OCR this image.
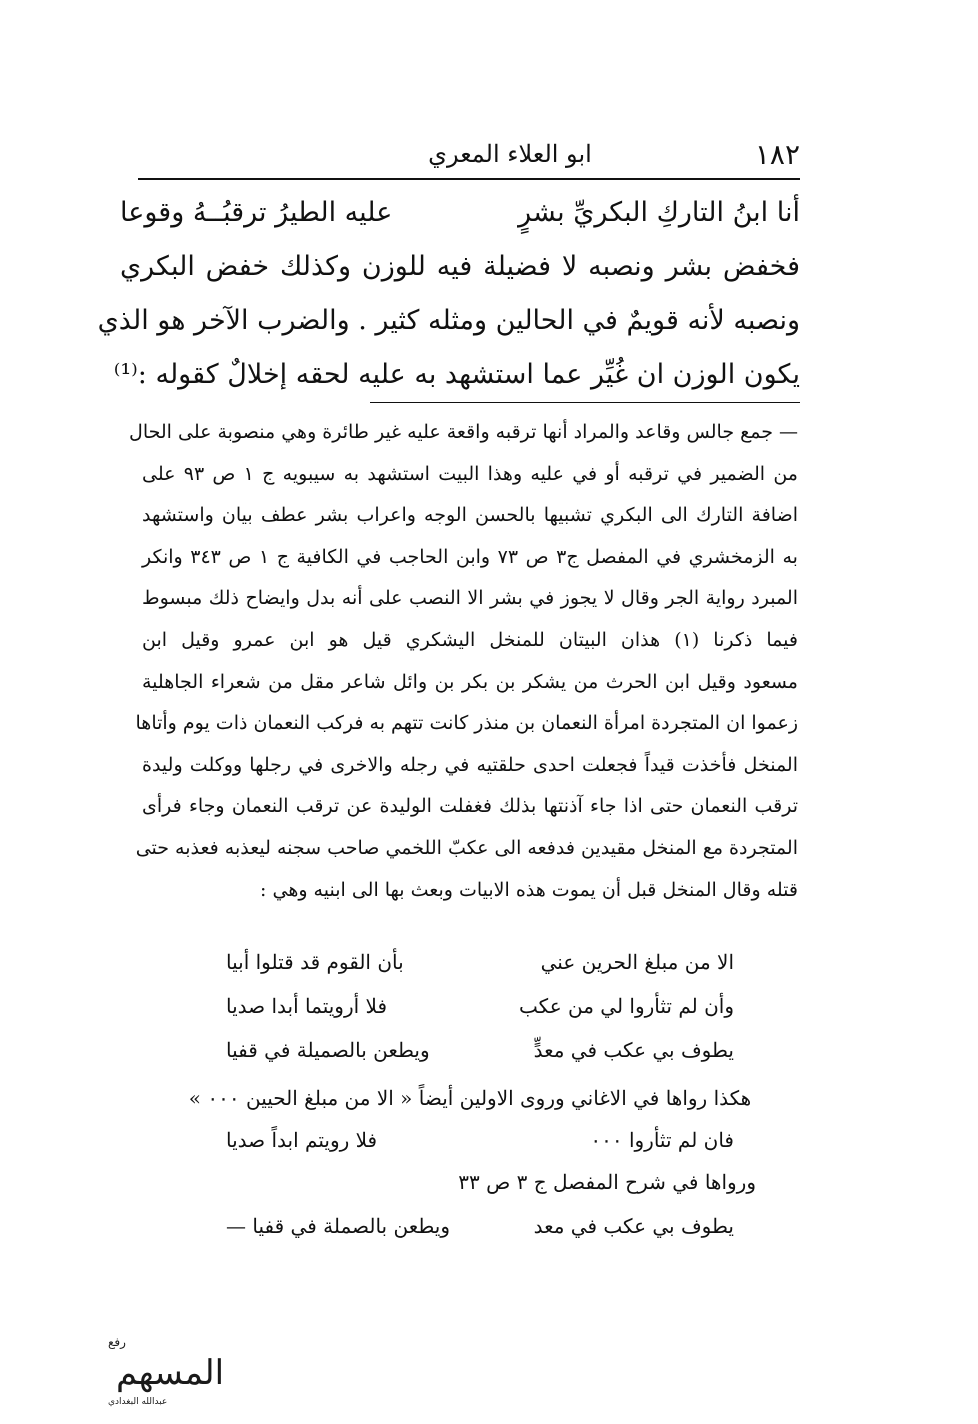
١٨٢
ابو العلاء المعري
أنا ابنُ التاركِ البكريِّ بشرٍ
عليه الطيرُ ترقبُــهُ وقوعا
فخفض بشر ونصبه لا فضيلة فيه للوزن وكذلك خفض البكري
ونصبه لأنه قويمٌ في الحالين ومثله كثير . والضرب الآخر هو الذي
يكون الوزن ان غُيِّر عما استشهد به عليه لحقه إخلالٌ كقوله :⁽¹⁾
— جمع جالس وقاعد والمراد أنها ترقبه واقعة عليه غير طائرة وهي منصوبة على الحال
من الضمير في ترقبه أو في عليه وهذا البيت استشهد به سيبويه ج ١ ص ٩٣ على
اضافة التارك الى البكري تشبيها بالحسن الوجه واعراب بشر عطف بيان واستشهد
به الزمخشري في المفصل ج٣ ص ٧٣ وابن الحاجب في الكافية ج ١ ص ٣٤٣ وانكر
المبرد رواية الجر وقال لا يجوز في بشر الا النصب على أنه بدل وايضاح ذلك مبسوط
فيما ذكرنا (١) هذان البيتان للمنخل اليشكري قيل هو ابن عمرو وقيل ابن
مسعود وقيل ابن الحرث من يشكر بن بكر بن وائل شاعر مقل من شعراء الجاهلية
زعموا ان المتجردة امرأة النعمان بن منذر كانت تتهم به فركب النعمان ذات يوم وأتاها
المنخل فأخذت قيداً فجعلت احدى حلقتيه في رجله والاخرى في رجلها ووكلت وليدة
ترقب النعمان حتى اذا جاء آذنتها بذلك فغفلت الوليدة عن ترقب النعمان وجاء فرأى
المتجردة مع المنخل مقيدين فدفعه الى عكبّ اللخمي صاحب سجنه ليعذبه فعذبه حتى
قتله وقال المنخل قبل أن يموت هذه الابيات وبعث بها الى ابنيه وهي :
الا من مبلغ الحرين عني
بأن القوم قد قتلوا أبيا
وأن لم تثأروا لي من عكب
فلا أرويتما أبدا صديا
يطوف بي عكب في معدٍّ
ويطعن بالصميلة في قفيا
هكذا رواها في الاغاني وروى الاولين أيضاً « الا من مبلغ الحيين ٠٠٠ »
فان لم تثأروا ٠٠٠
فلا رويتم ابداً صديا
ورواها في شرح المفصل ج ٣ ص ٣٣
يطوف بي عكب في معد
ويطعن بالصملة في قفيا —
رفع
المسهم
عبدالله البغدادي
